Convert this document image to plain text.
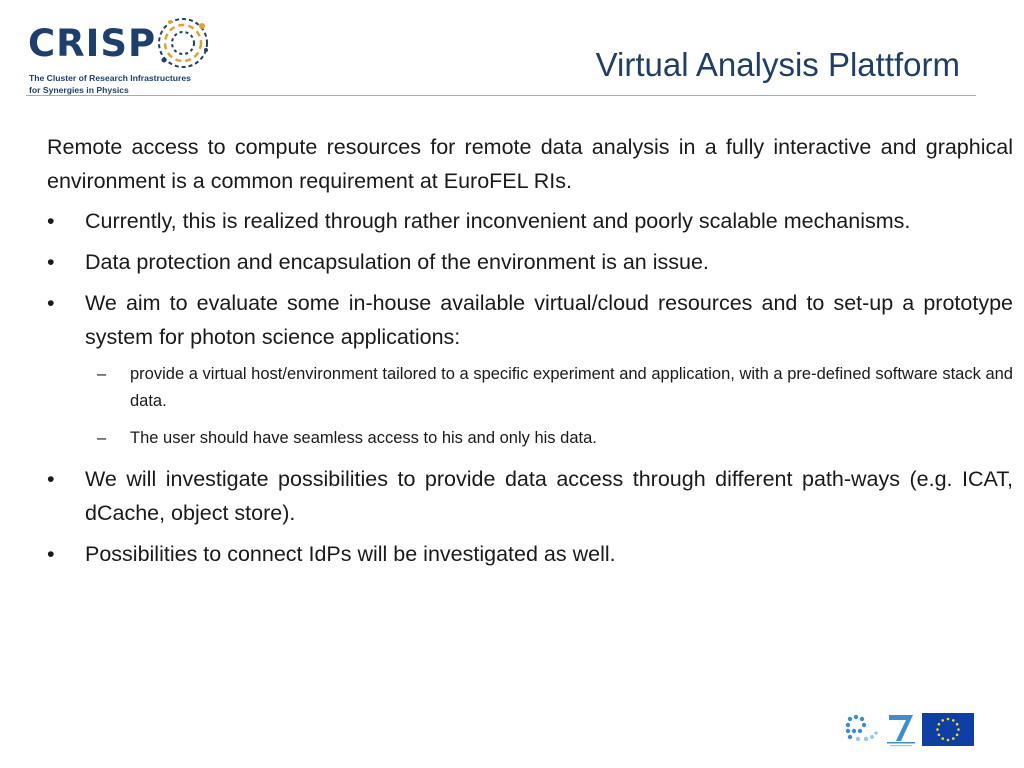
CRISP
The Cluster of Research Infrastructures
for Synergies in Physics
Virtual Analysis Plattform

Remote access to compute resources for remote data analysis in a fully interactive and graphical environment is a common requirement at EuroFEL RIs.

• Currently, this is realized through rather inconvenient and poorly scalable mechanisms.
• Data protection and encapsulation of the environment is an issue.
• We aim to evaluate some in-house available virtual/cloud resources and to set-up a prototype system for photon science applications:
– provide a virtual host/environment tailored to a specific experiment and application, with a pre-defined software stack and data.
– The user should have seamless access to his and only his data.
• We will investigate possibilities to provide data access through different path-ways (e.g. ICAT, dCache, object store).
• Possibilities to connect IdPs will be investigated as well.
